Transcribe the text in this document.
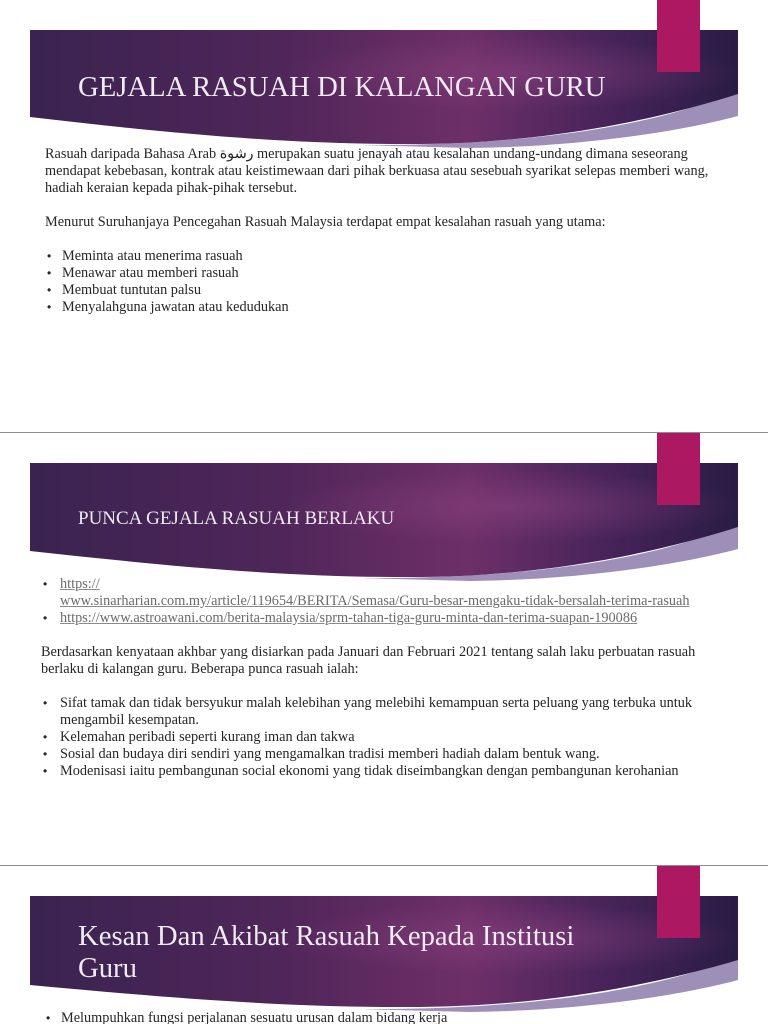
GEJALA RASUAH DI KALANGAN GURU

Rasuah daripada Bahasa Arab رشوة merupakan suatu jenayah atau kesalahan undang-undang dimana seseorang mendapat kebebasan, kontrak atau keistimewaan dari pihak berkuasa atau sesebuah syarikat selepas memberi wang, hadiah keraian kepada pihak-pihak tersebut.

Menurut Suruhanjaya Pencegahan Rasuah Malaysia terdapat empat kesalahan rasuah yang utama:

• Meminta atau menerima rasuah
• Menawar atau memberi rasuah
• Membuat tuntutan palsu
• Menyalahguna jawatan atau kedudukan
PUNCA GEJALA RASUAH BERLAKU
• https://
www.sinarharian.com.my/article/119654/BERITA/Semasa/Guru-besar-mengaku-tidak-bersalah-terima-rasuah
• https://www.astroawani.com/berita-malaysia/sprm-tahan-tiga-guru-minta-dan-terima-suapan-190086

Berdasarkan kenyataan akhbar yang disiarkan pada Januari dan Februari 2021 tentang salah laku perbuatan rasuah berlaku di kalangan guru. Beberapa punca rasuah ialah:

• Sifat tamak dan tidak bersyukur malah kelebihan yang melebihi kemampuan serta peluang yang terbuka untuk mengambil kesempatan.
• Kelemahan peribadi seperti kurang iman dan takwa
• Sosial dan budaya diri sendiri yang mengamalkan tradisi memberi hadiah dalam bentuk wang.
• Modenisasi iaitu pembangunan social ekonomi yang tidak diseimbangkan dengan pembangunan kerohanian
Kesan Dan Akibat Rasuah Kepada Institusi Guru
• Melumpuhkan fungsi perjalanan sesuatu urusan dalam bidang kerja
